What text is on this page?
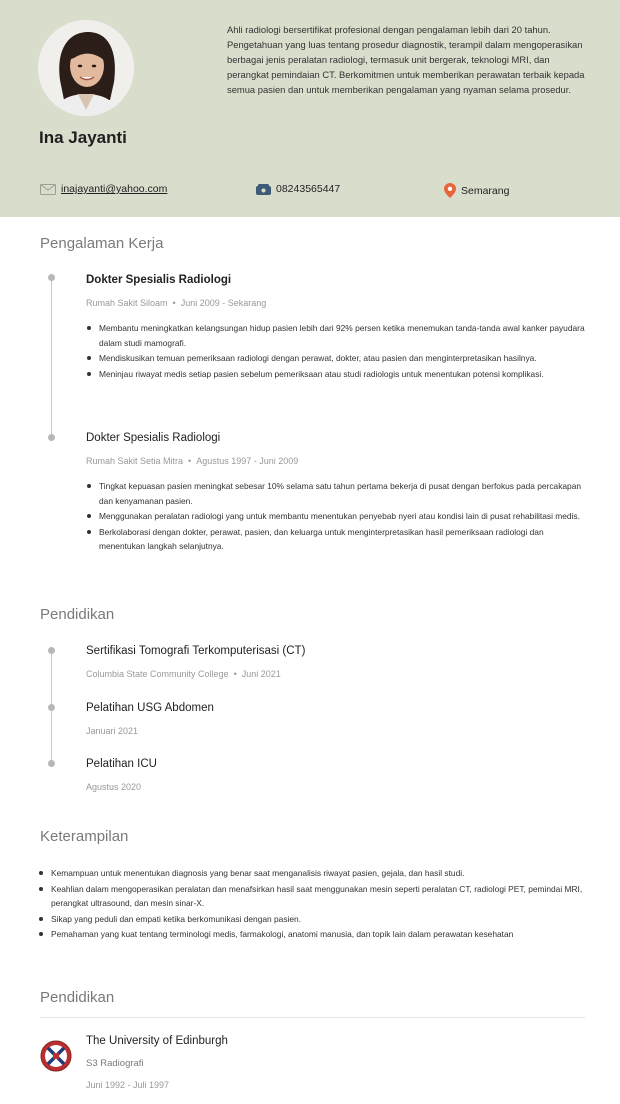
Ina Jayanti
Ahli radiologi bersertifikat profesional dengan pengalaman lebih dari 20 tahun. Pengetahuan yang luas tentang prosedur diagnostik, terampil dalam mengoperasikan berbagai jenis peralatan radiologi, termasuk unit bergerak, teknologi MRI, dan perangkat pemindaian CT. Berkomitmen untuk memberikan perawatan terbaik kepada semua pasien dan untuk memberikan pengalaman yang nyaman selama prosedur.
inajayanti@yahoo.com	08243565447	Semarang
Pengalaman Kerja
Dokter Spesialis Radiologi
Rumah Sakit Siloam • Juni 2009 - Sekarang
Membantu meningkatkan kelangsungan hidup pasien lebih dari 92% persen ketika menemukan tanda-tanda awal kanker payudara dalam studi mamografi.
Mendiskusikan temuan pemeriksaan radiologi dengan perawat, dokter, atau pasien dan menginterpretasikan hasilnya.
Meninjau riwayat medis setiap pasien sebelum pemeriksaan atau studi radiologis untuk menentukan potensi komplikasi.
Dokter Spesialis Radiologi
Rumah Sakit Setia Mitra • Agustus 1997 - Juni 2009
Tingkat kepuasan pasien meningkat sebesar 10% selama satu tahun pertama bekerja di pusat dengan berfokus pada percakapan dan kenyamanan pasien.
Menggunakan peralatan radiologi yang untuk membantu menentukan penyebab nyeri atau kondisi lain di pusat rehabilitasi medis.
Berkolaborasi dengan dokter, perawat, pasien, dan keluarga untuk menginterpretasikan hasil pemeriksaan radiologi dan menentukan langkah selanjutnya.
Pendidikan
Sertifikasi Tomografi Terkomputerisasi (CT)
Columbia State Community College • Juni 2021
Pelatihan USG Abdomen
Januari 2021
Pelatihan ICU
Agustus 2020
Keterampilan
Kemampuan untuk menentukan diagnosis yang benar saat menganalisis riwayat pasien, gejala, dan hasil studi.
Keahlian dalam mengoperasikan peralatan dan menafsirkan hasil saat menggunakan mesin seperti peralatan CT, radiologi PET, pemindai MRI, perangkat ultrasound, dan mesin sinar-X.
Sikap yang peduli dan empati ketika berkomunikasi dengan pasien.
Pemahaman yang kuat tentang terminologi medis, farmakologi, anatomi manusia, dan topik lain dalam perawatan kesehatan
Pendidikan
The University of Edinburgh
S3 Radiografi
Juni 1992 - Juli 1997
